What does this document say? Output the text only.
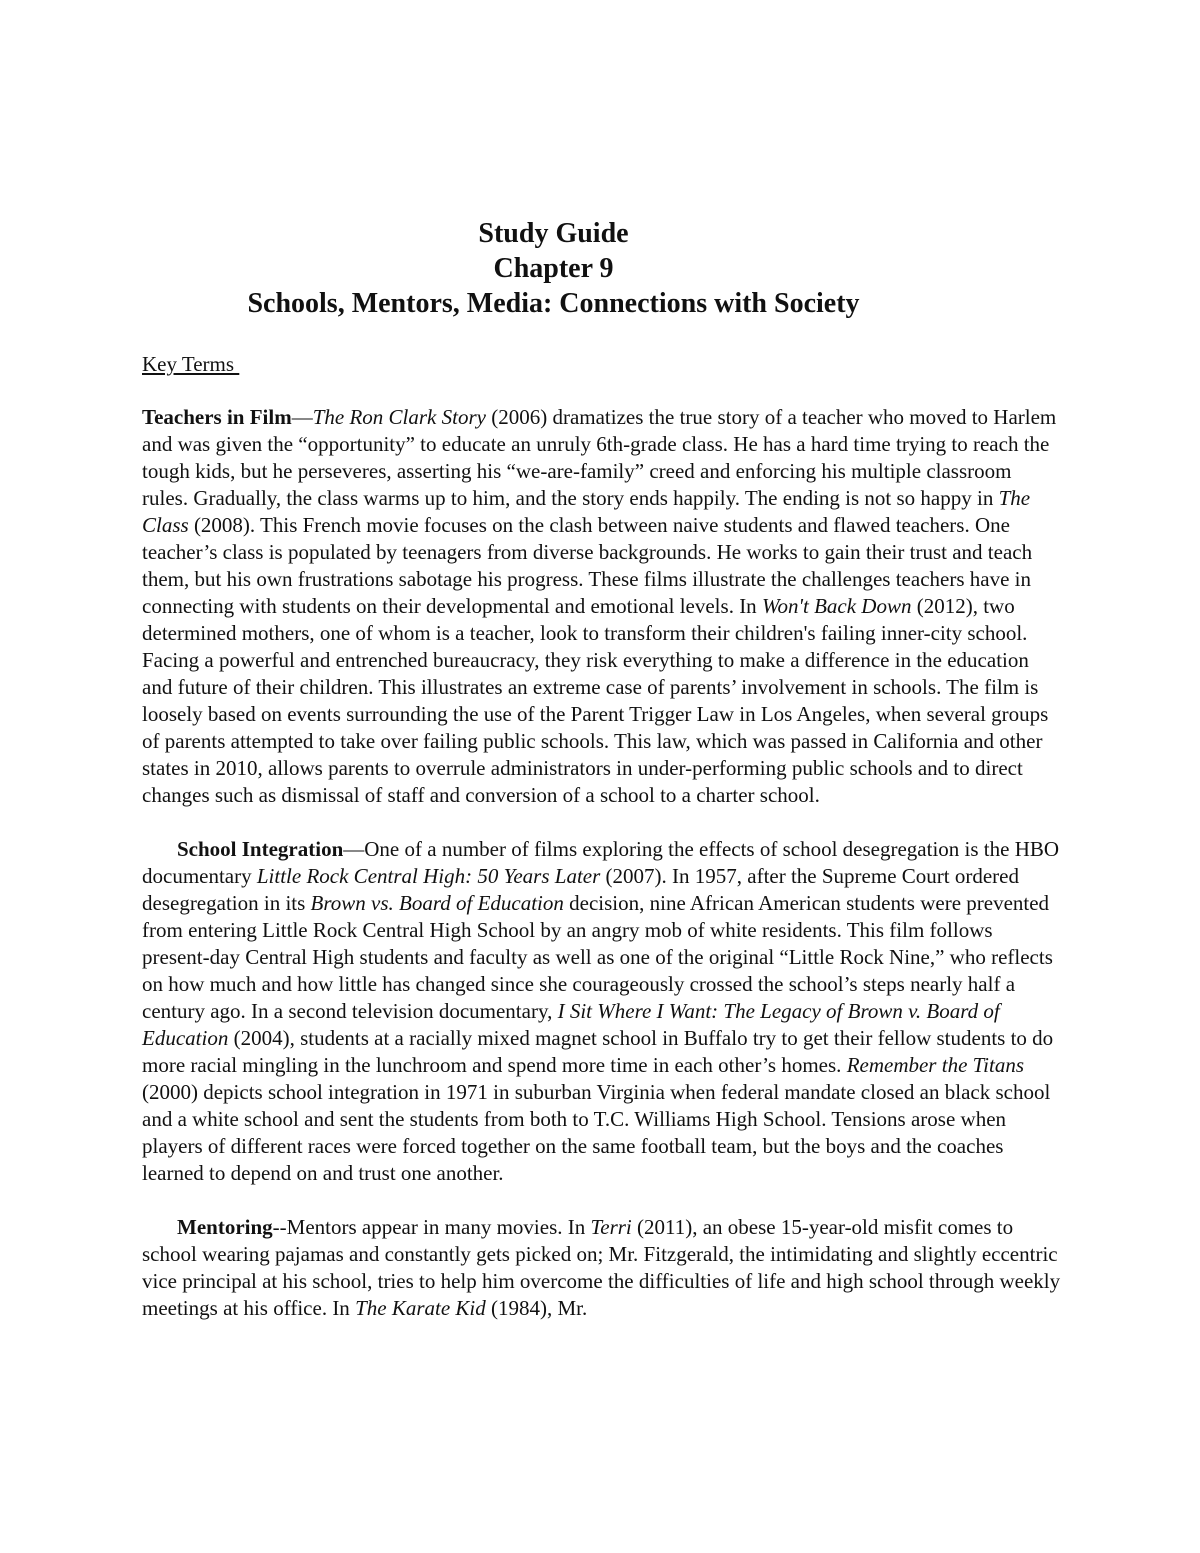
Study Guide
Chapter 9
Schools, Mentors, Media: Connections with Society
Key Terms

Teachers in Film—The Ron Clark Story (2006) dramatizes the true story of a teacher who moved to Harlem and was given the “opportunity” to educate an unruly 6th-grade class. He has a hard time trying to reach the tough kids, but he perseveres, asserting his “we-are-family” creed and enforcing his multiple classroom rules. Gradually, the class warms up to him, and the story ends happily. The ending is not so happy in The Class (2008). This French movie focuses on the clash between naive students and flawed teachers. One teacher’s class is populated by teenagers from diverse backgrounds. He works to gain their trust and teach them, but his own frustrations sabotage his progress. These films illustrate the challenges teachers have in connecting with students on their developmental and emotional levels. In Won't Back Down (2012), two determined mothers, one of whom is a teacher, look to transform their children's failing inner-city school. Facing a powerful and entrenched bureaucracy, they risk everything to make a difference in the education and future of their children. This illustrates an extreme case of parents’ involvement in schools. The film is loosely based on events surrounding the use of the Parent Trigger Law in Los Angeles, when several groups of parents attempted to take over failing public schools. This law, which was passed in California and other states in 2010, allows parents to overrule administrators in under-performing public schools and to direct changes such as dismissal of staff and conversion of a school to a charter school.

School Integration—One of a number of films exploring the effects of school desegregation is the HBO documentary Little Rock Central High: 50 Years Later (2007). In 1957, after the Supreme Court ordered desegregation in its Brown vs. Board of Education decision, nine African American students were prevented from entering Little Rock Central High School by an angry mob of white residents. This film follows present-day Central High students and faculty as well as one of the original “Little Rock Nine,” who reflects on how much and how little has changed since she courageously crossed the school’s steps nearly half a century ago. In a second television documentary, I Sit Where I Want: The Legacy of Brown v. Board of Education (2004), students at a racially mixed magnet school in Buffalo try to get their fellow students to do more racial mingling in the lunchroom and spend more time in each other’s homes. Remember the Titans (2000) depicts school integration in 1971 in suburban Virginia when federal mandate closed an black school and a white school and sent the students from both to T.C. Williams High School. Tensions arose when players of different races were forced together on the same football team, but the boys and the coaches learned to depend on and trust one another.

Mentoring--Mentors appear in many movies. In Terri (2011), an obese 15-year-old misfit comes to school wearing pajamas and constantly gets picked on; Mr. Fitzgerald, the intimidating and slightly eccentric vice principal at his school, tries to help him overcome the difficulties of life and high school through weekly meetings at his office. In The Karate Kid (1984), Mr.
